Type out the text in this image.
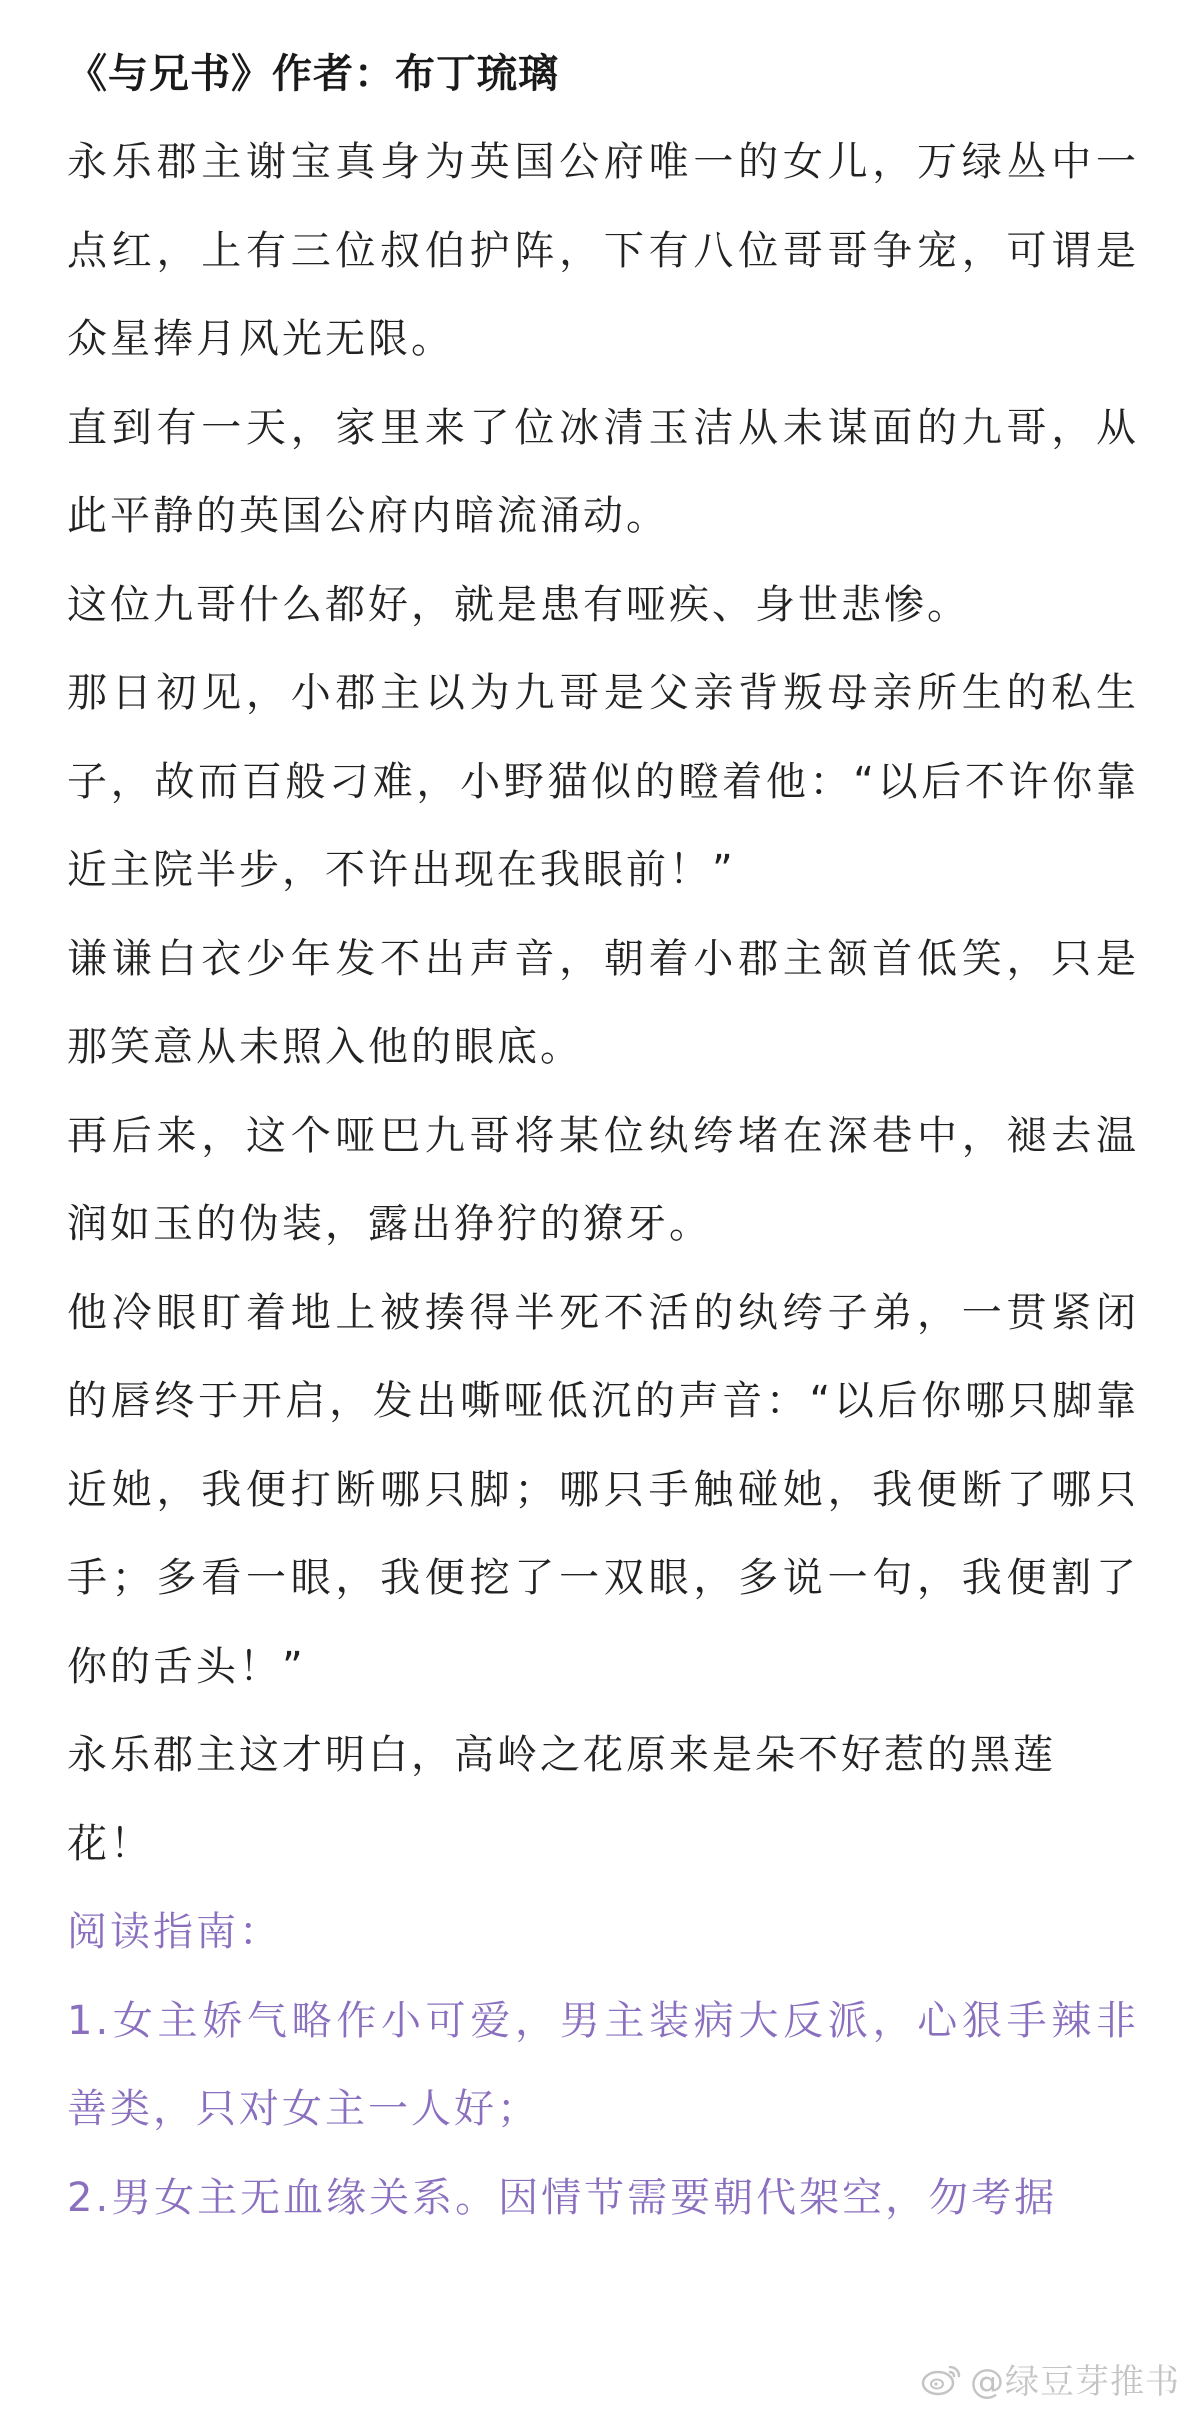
《与兄书》作者：布丁琉璃

永乐郡主谢宝真身为英国公府唯一的女儿，万绿丛中一点红，上有三位叔伯护阵，下有八位哥哥争宠，可谓是众星捧月风光无限。

直到有一天，家里来了位冰清玉洁从未谋面的九哥，从此平静的英国公府内暗流涌动。

这位九哥什么都好，就是患有哑疾、身世悲惨。

那日初见，小郡主以为九哥是父亲背叛母亲所生的私生子，故而百般刁难，小野猫似的瞪着他：“以后不许你靠近主院半步，不许出现在我眼前！”

谦谦白衣少年发不出声音，朝着小郡主颔首低笑，只是那笑意从未照入他的眼底。

再后来，这个哑巴九哥将某位纨绔堵在深巷中，褪去温润如玉的伪装，露出狰狞的獠牙。

他冷眼盯着地上被揍得半死不活的纨绔子弟，一贯紧闭的唇终于开启，发出嘶哑低沉的声音：“以后你哪只脚靠近她，我便打断哪只脚；哪只手触碰她，我便断了哪只手；多看一眼，我便挖了一双眼，多说一句，我便割了你的舌头！”

永乐郡主这才明白，高岭之花原来是朵不好惹的黑莲花！

阅读指南：

1.女主娇气略作小可爱，男主装病大反派，心狠手辣非善类，只对女主一人好；

2.男女主无血缘关系。因情节需要朝代架空，勿考据

@绿豆芽推书
